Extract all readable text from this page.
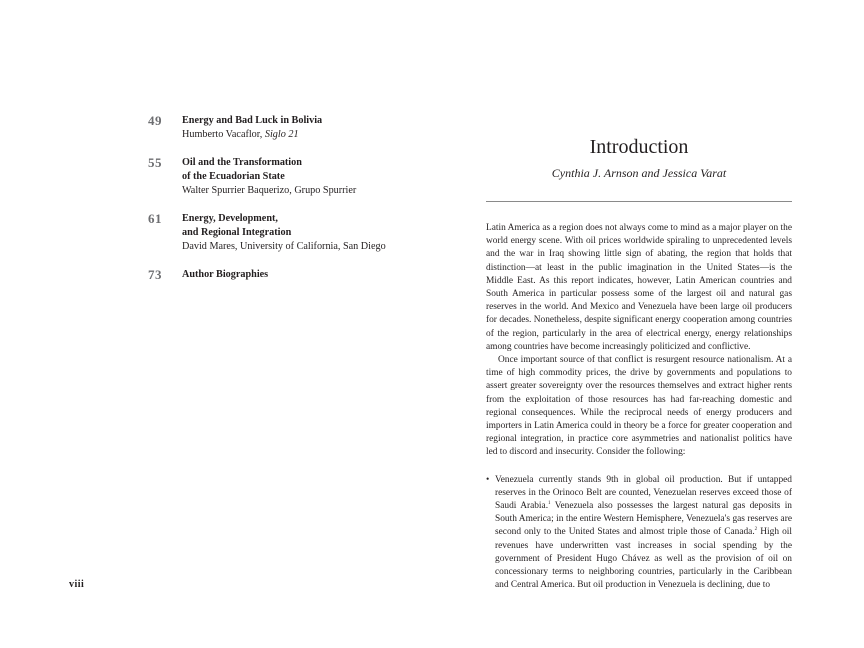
49 Energy and Bad Luck in Bolivia
Humberto Vacaflor, Siglo 21
55 Oil and the Transformation
of the Ecuadorian State
Walter Spurrier Baquerizo, Grupo Spurrier
61 Energy, Development,
and Regional Integration
David Mares, University of California, San Diego
73 Author Biographies
viii
Introduction
Cynthia J. Arnson and Jessica Varat

Latin America as a region does not always come to mind as a major player on the world energy scene. With oil prices worldwide spiraling to unprecedented levels and the war in Iraq showing little sign of abating, the region that holds that distinction—at least in the public imagination in the United States—is the Middle East. As this report indicates, however, Latin American countries and South America in particular possess some of the largest oil and natural gas reserves in the world. And Mexico and Venezuela have been large oil producers for decades. Nonetheless, despite significant energy cooperation among countries of the region, particularly in the area of electrical energy, energy relationships among countries have become increasingly politicized and conflictive.

Once important source of that conflict is resurgent resource nationalism. At a time of high commodity prices, the drive by governments and populations to assert greater sovereignty over the resources themselves and extract higher rents from the exploitation of those resources has had far-reaching domestic and regional consequences. While the reciprocal needs of energy producers and importers in Latin America could in theory be a force for greater cooperation and regional integration, in practice core asymmetries and nationalist politics have led to discord and insecurity. Consider the following:

• Venezuela currently stands 9th in global oil production. But if untapped reserves in the Orinoco Belt are counted, Venezuelan reserves exceed those of Saudi Arabia.$^1$ Venezuela also possesses the largest natural gas deposits in South America; in the entire Western Hemisphere, Venezuela's gas reserves are second only to the United States and almost triple those of Canada.$^2$ High oil revenues have underwritten vast increases in social spending by the government of President Hugo Chávez as well as the provision of oil on concessionary terms to neighboring countries, particularly in the Caribbean and Central America. But oil production in Venezuela is declining, due to
